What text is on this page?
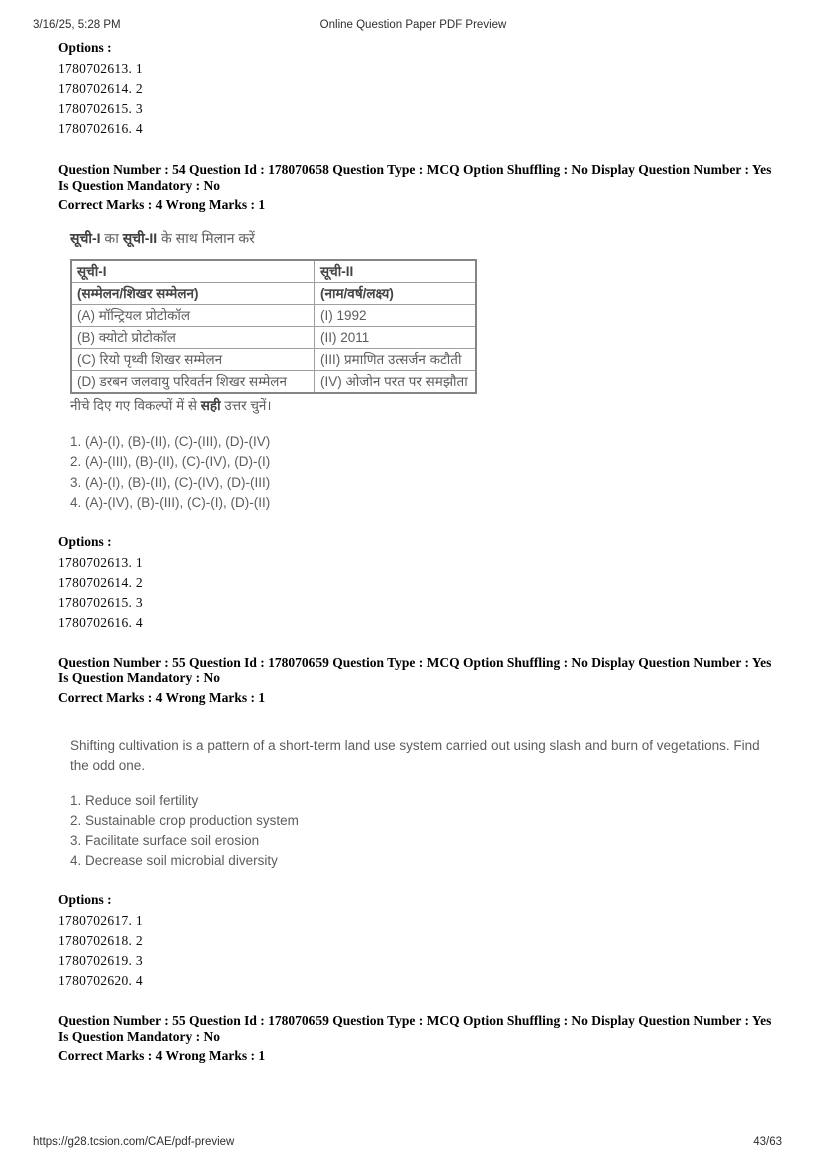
3/16/25, 5:28 PM	Online Question Paper PDF Preview
Options :
1780702613. 1
1780702614. 2
1780702615. 3
1780702616. 4
Question Number : 54 Question Id : 178070658 Question Type : MCQ Option Shuffling : No Display Question Number : Yes Is Question Mandatory : No
Correct Marks : 4 Wrong Marks : 1
सूची-I का सूची-II के साथ मिलान करें
सूची-I	सूची-II
(सम्मेलन/शिखर सम्मेलन)	(नाम/वर्ष/लक्ष्य)
(A) मॉन्ट्रियल प्रोटोकॉल	(I) 1992
(B) क्योटो प्रोटोकॉल	(II) 2011
(C) रियो पृथ्वी शिखर सम्मेलन	(III) प्रमाणित उत्सर्जन कटौती
(D) डरबन जलवायु परिवर्तन शिखर सम्मेलन	(IV) ओजोन परत पर समझौता
नीचे दिए गए विकल्पों में से सही उत्तर चुनें।
1. (A)-(I), (B)-(II), (C)-(III), (D)-(IV)
2. (A)-(III), (B)-(II), (C)-(IV), (D)-(I)
3. (A)-(I), (B)-(II), (C)-(IV), (D)-(III)
4. (A)-(IV), (B)-(III), (C)-(I), (D)-(II)
Options :
1780702613. 1
1780702614. 2
1780702615. 3
1780702616. 4
Question Number : 55 Question Id : 178070659 Question Type : MCQ Option Shuffling : No Display Question Number : Yes Is Question Mandatory : No
Correct Marks : 4 Wrong Marks : 1
Shifting cultivation is a pattern of a short-term land use system carried out using slash and burn of vegetations. Find the odd one.
1. Reduce soil fertility
2. Sustainable crop production system
3. Facilitate surface soil erosion
4. Decrease soil microbial diversity
Options :
1780702617. 1
1780702618. 2
1780702619. 3
1780702620. 4
Question Number : 55 Question Id : 178070659 Question Type : MCQ Option Shuffling : No Display Question Number : Yes Is Question Mandatory : No
Correct Marks : 4 Wrong Marks : 1
https://g28.tcsion.com/CAE/pdf-preview	43/63
